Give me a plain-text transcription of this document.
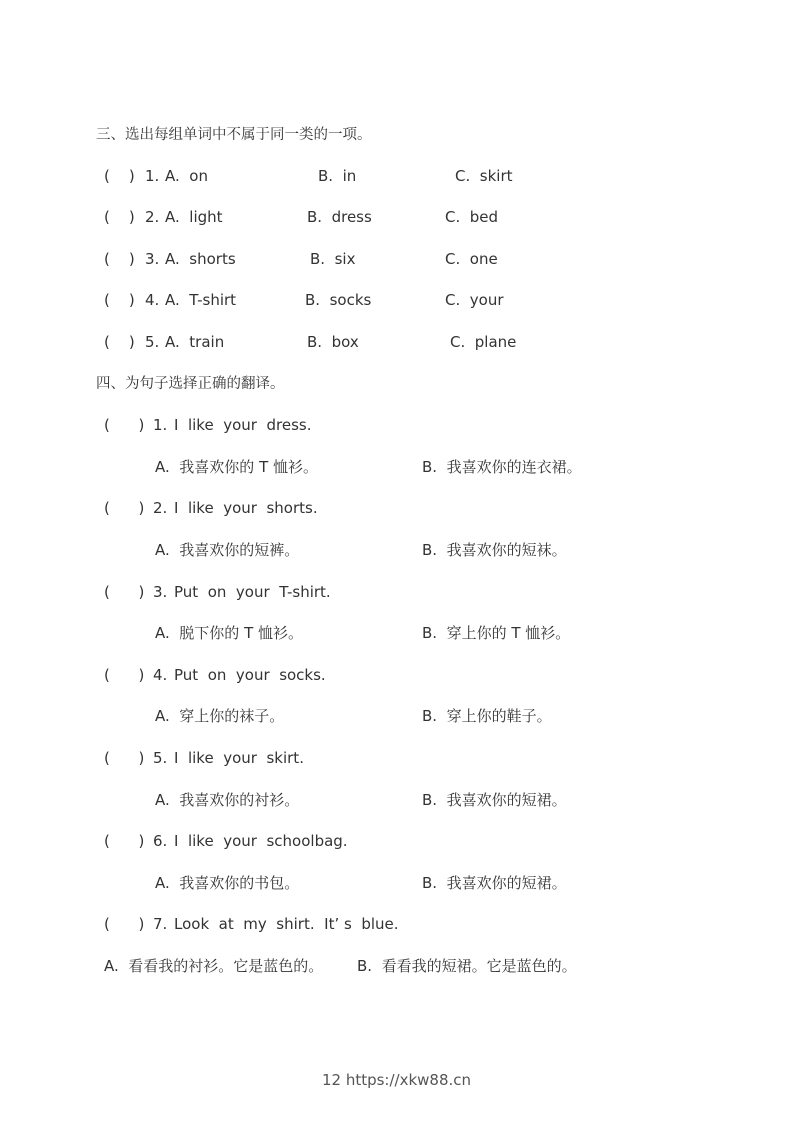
三、选出每组单词中不属于同一类的一项。
四、为句子选择正确的翻译。
12 https://xkw88.cn
(    ) 1. A.  on	B.  in	C.  skirt
(    ) 2. A.  light	B.  dress	C.  bed
(    ) 3. A.  shorts	B.  six	C.  one
(    ) 4. A.  T-shirt	B.  socks	C.  your
(    ) 5. A.  train	B.  box	C.  plane
(      ) 1. I  like  your  dress.
A.  我喜欢你的 T 恤衫。	B.  我喜欢你的连衣裙。
(      ) 2. I  like  your  shorts.
A.  我喜欢你的短裤。	B.  我喜欢你的短袜。
(      ) 3. Put  on  your  T-shirt.
A.  脱下你的 T 恤衫。	B.  穿上你的 T 恤衫。
(      ) 4. Put  on  your  socks.
A.  穿上你的袜子。	B.  穿上你的鞋子。
(      ) 5. I  like  your  skirt.
A.  我喜欢你的衬衫。	B.  我喜欢你的短裙。
(      ) 6. I  like  your  schoolbag.
A.  我喜欢你的书包。	B.  我喜欢你的短裙。
(      ) 7. Look  at  my  shirt.  It’ s  blue.
A.  看看我的衬衫。它是蓝色的。 B.  看看我的短裙。它是蓝色的。
